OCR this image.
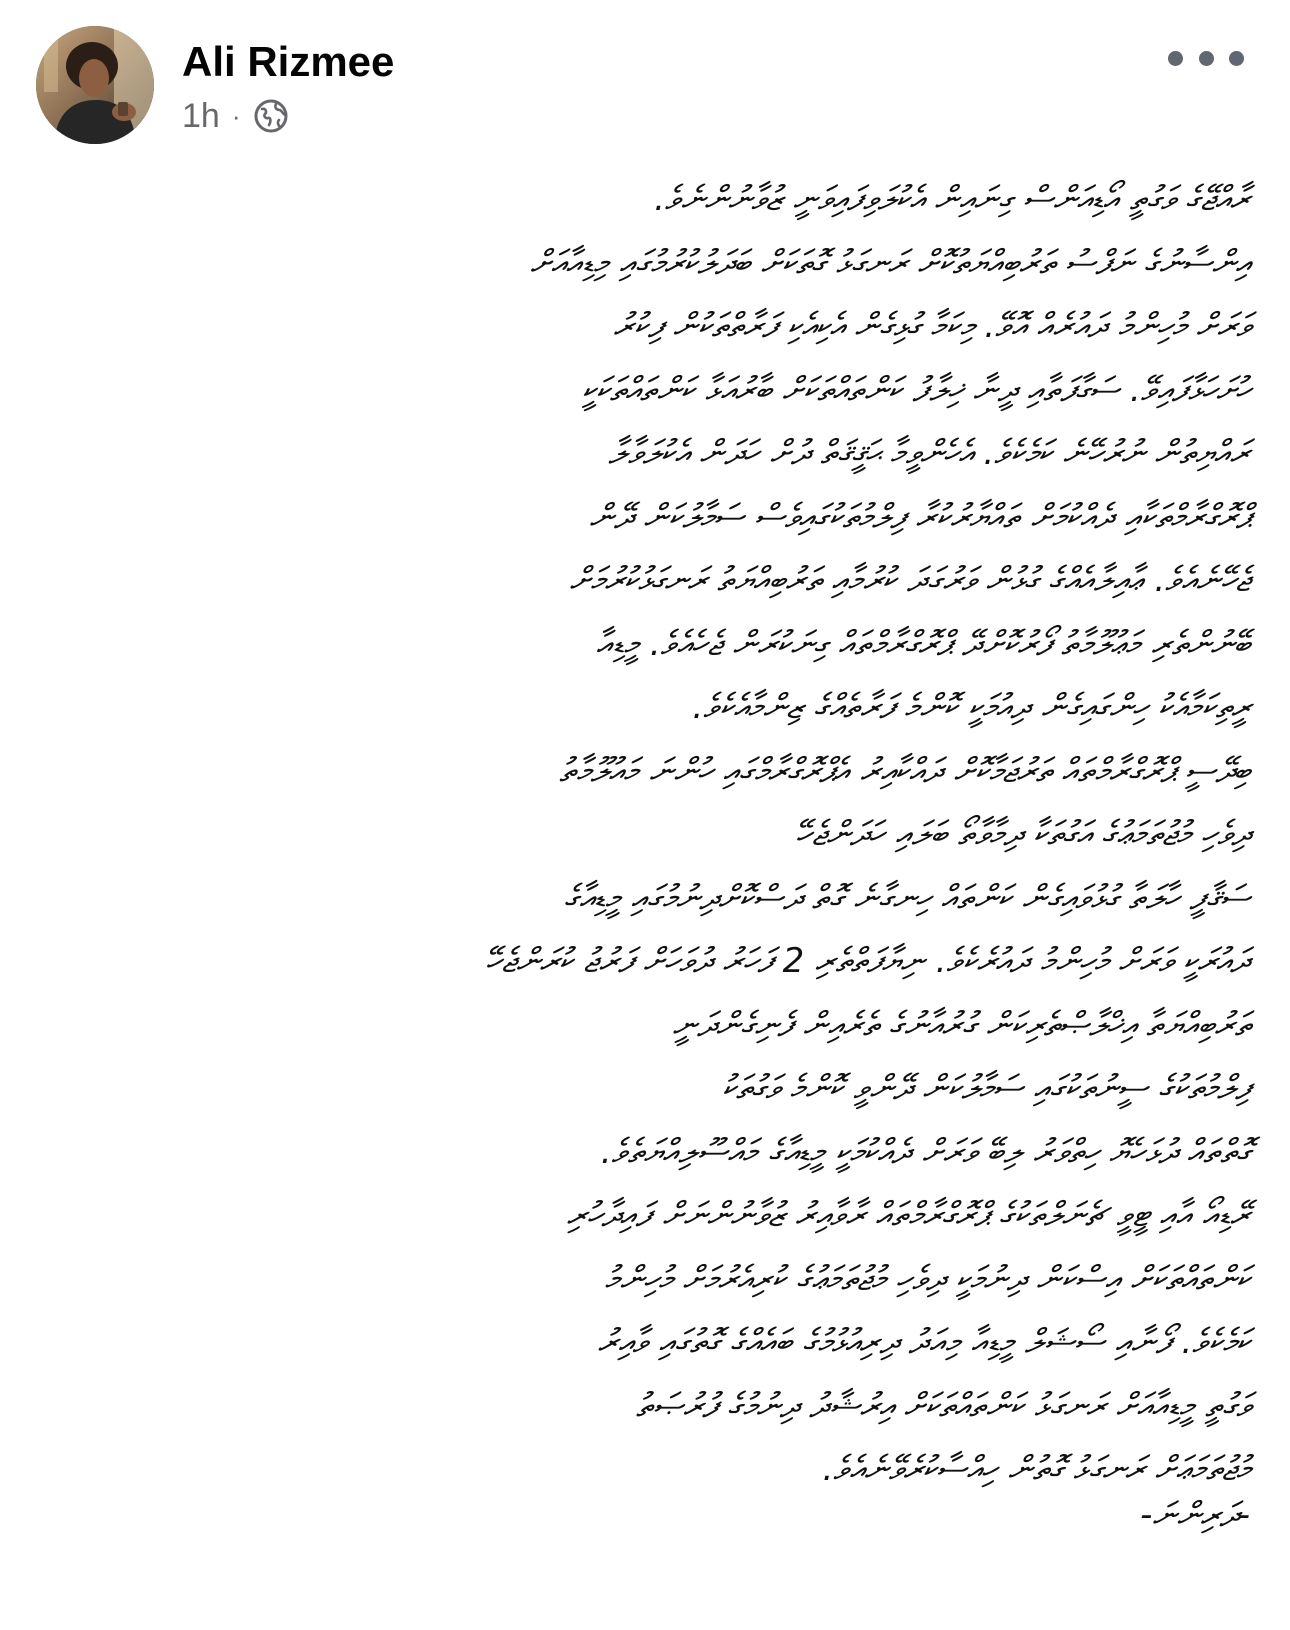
Ali Rizmee
1h ·
ރާއްޖޭގެ ވަގުތީ އޯޑިއަންސް ގިނައިން އެކުލަވިފައިވަނީ ޒުވާނުންނެވެ.
އިންސާނުގެ ނަފްސު ތަރުބިއްޔަތުކޮށް ރަނގަޅު ގޮތަކަށް ބަދަލުކުރުމުގައި މިޑިއާއަށް
ވަރަށް މުހިންމު ދައުރެއް އޮވޭ. މިކަމާ ގުޅިގެން އެކިއެކި ފަރާތްތަކުން ފިކުރު
ހުށަހަޅާފައިވޭ. ސަގާފަތާއި ދީނާ ޚިލާފު ކަންތައްތަކަށް ބާރުއަޅާ ކަންތައްތަކަކީ
ރައްޔިތުން ނުރުހޭނެ ކަމެކެވެ. އެހެންވީމާ ޙަޤީޤަތް ދުށް ހަދަން އެކުލަވާލާ
ޕްރޮގްރާމްތަކާއި ދެއްކުމަށް ތައްޔާރުކުރާ ފިލްމުތަކުގައިވެސް ސަމާލުކަން ދޭން
ޖެހޭނެއެވެ. ޢާއިލާއެއްގެ ގުޅުން ވަރުގަދަ ކުރުމާއި ތަރުބިއްޔަތު ރަނގަޅުކުރުމަށް
ބޭނުންތެރި މަޢުލޫމާތު ފޯރުކޮށްދޭ ޕްރޮގްރާމްތައް ގިނަކުރަން ޖެހެއެވެ. މީޑިއާ
ރީތިކަމާއެކު ހިންގައިގެން ދިއުމަކީ ކޮންމެ ފަރާތެއްގެ ޒިންމާއެކެވެ.
ބިދޭސީ ޕްރޮގްރާމްތައް ތަރުޖަމާކޮށް ދައްކާއިރު އެޕްރޮގްރާމްގައި ހުންނަ މައުލޫމާތު
ދިވެހި މުޖުތަމަޢުގެ އަގުތަކާ ދިމާވާތޯ ބަލައި ހަދަންޖެހޭ
ސަޤާފީ ހާލަތާ ގުޅުވައިގެން ކަންތައް ހިނގާނެ ގޮތް ދަސްކޮށްދިނުމުގައި މީޑިއާގެ
ދައުރަކީ ވަރަށް މުހިންމު ދައުރެކެވެ. ނިޔާފަތްތެރި 2 ފަހަރު ދުވަހަށް ފަރުޖު ކުރަންޖެހޭ
ތަރުބިއްޔަތާ އިޚްލާޞްތެރިކަން ގުރުއާނުގެ ތެރެއިން ފެނިގެންދަނީ
ފިލްމުތަކުގެ ސީނުތަކުގައި ސަމާލުކަން ދޭންވީ ކޮންމެ ވަގުތަކު
ގޮތްތައް ދުޅަހެޔޮ ހިތްވަރު ލިބޭ ވަރަށް ދެއްކުމަކީ މީޑިއާގެ މައްސޫލިއްޔަތެވެ.
ރޭޑިއޯ އާއި ޓީވީ ޗެނަލްތަކުގެ ޕްރޮގްރާމްތައް ރާވާއިރު ޒުވާނުންނަށް ފައިދާހުރި
ކަންތައްތަކަށް އިސްކަން ދިނުމަކީ ދިވެހި މުޖުތަމަޢުގެ ކުރިއެރުމަށް މުހިންމު
ކަމެކެވެ. ފޯނާއި ސޯޝަލް މީޑިއާ މިއަދު ދިރިއުޅުމުގެ ބައެއްގެ ގޮތުގައި ވާއިރު
ވަގުތީ މީޑިއާއަށް ރަނގަޅު ކަންތައްތަކަށް އިރުޝާދު ދިނުމުގެ ފުރުޞަތު
މުޖުތަމަޢަށް ރަނގަޅު ގޮތުން ހިއްސާކުރެވޭނެއެވެ.
-ދަރިންނަ-
